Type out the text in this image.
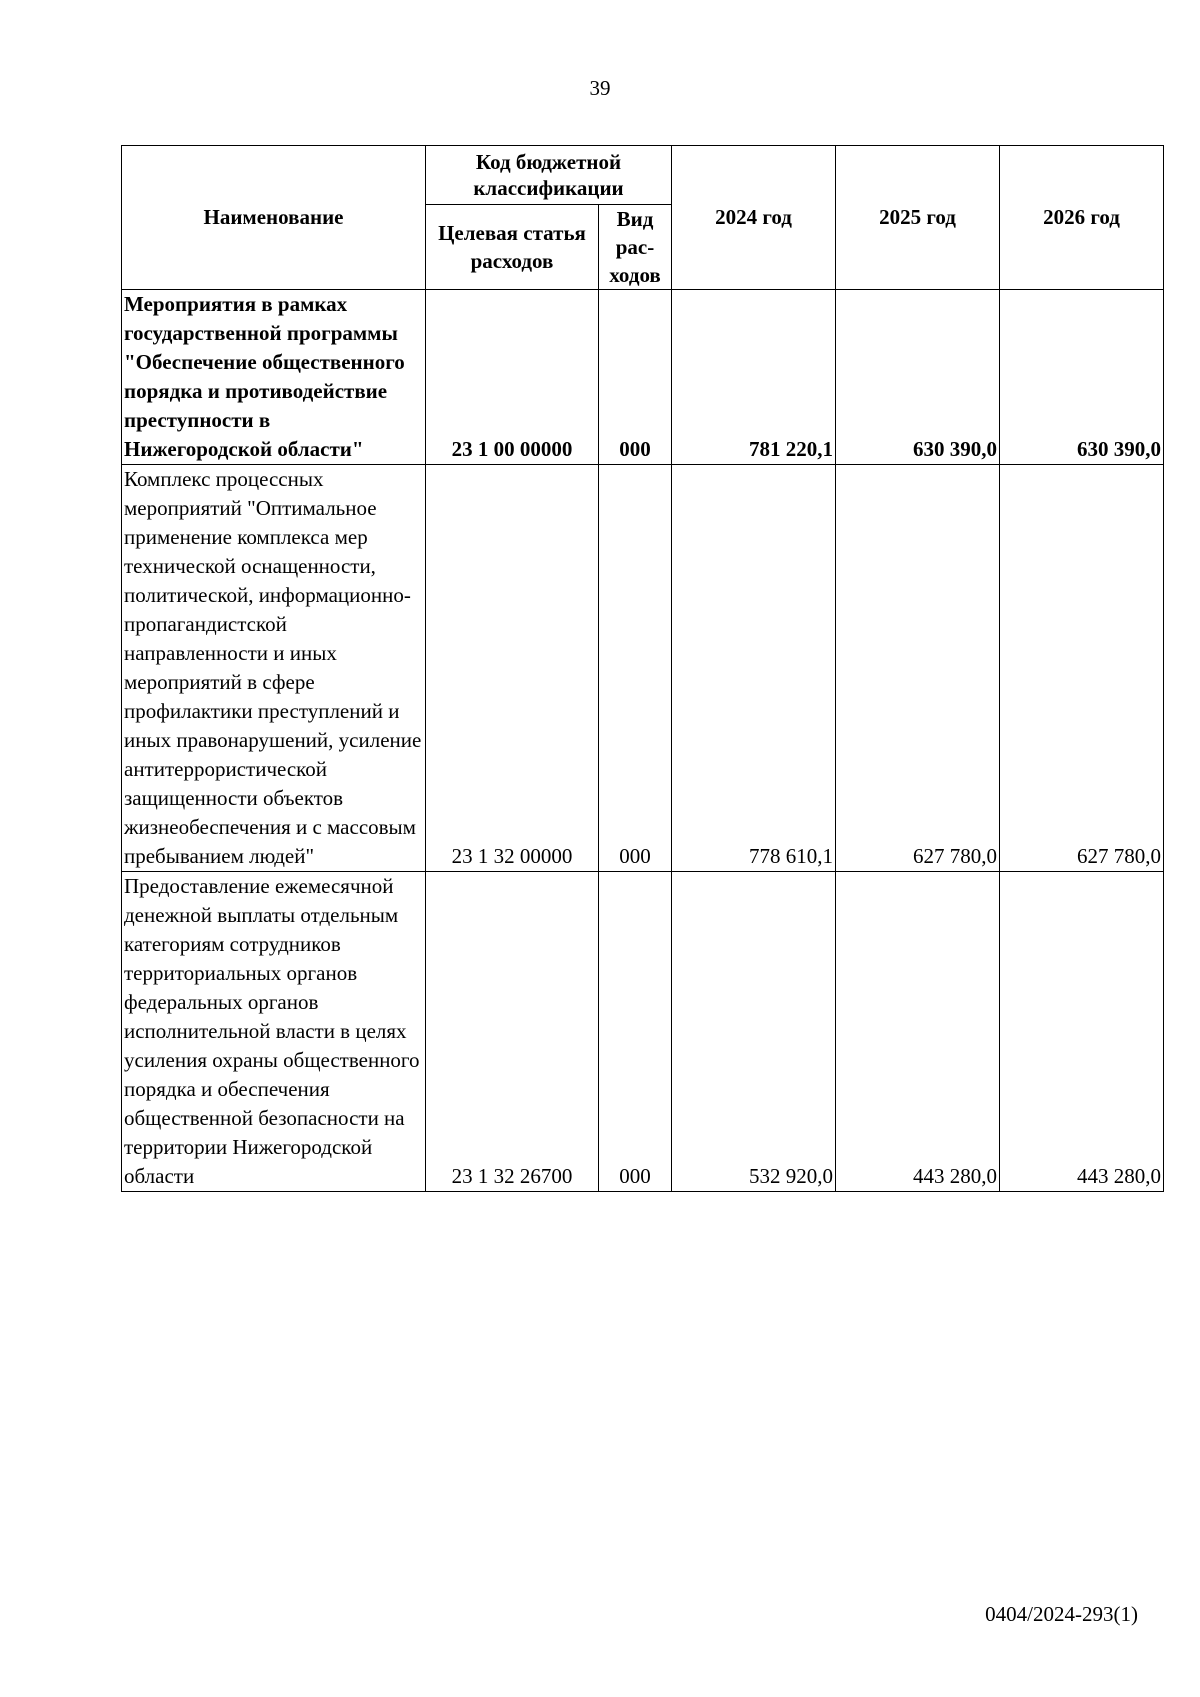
39
Наименование	Код бюджетной классификации		2024 год	2025 год	2026 год
	Целевая статья расходов	Вид рас-ходов			
Мероприятия в рамках государственной программы "Обеспечение общественного порядка и противодействие преступности в Нижегородской области"	23 1 00 00000	000	781 220,1	630 390,0	630 390,0
Комплекс процессных мероприятий "Оптимальное применение комплекса мер технической оснащенности, политической, информационно-пропагандистской направленности и иных мероприятий в сфере профилактики преступлений и иных правонарушений, усиление антитеррористической защищенности объектов жизнеобеспечения и с массовым пребыванием людей"	23 1 32 00000	000	778 610,1	627 780,0	627 780,0
Предоставление ежемесячной денежной выплаты отдельным категориям сотрудников территориальных органов федеральных органов исполнительной власти в целях усиления охраны общественного порядка и обеспечения общественной безопасности на территории Нижегородской области	23 1 32 26700	000	532 920,0	443 280,0	443 280,0
0404/2024-293(1)
